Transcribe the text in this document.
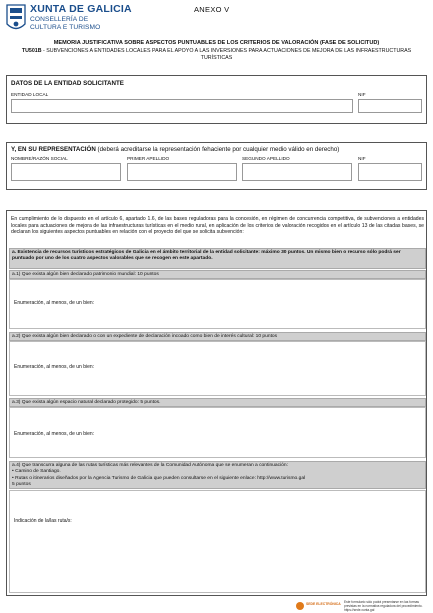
XUNTA DE GALICIA
CONSELLERÍA DE
CULTURA E TURISMO
ANEXO V
MEMORIA JUSTIFICATIVA SOBRE ASPECTOS PUNTUABLES DE LOS CRITERIOS DE VALORACIÓN (FASE DE SOLICITUD)
TU501B - SUBVENCIONES A ENTIDADES LOCALES PARA EL APOYO A LAS INVERSIONES PARA ACTUACIONES DE MEJORA DE LAS INFRAESTRUCTURAS TURÍSTICAS
DATOS DE LA ENTIDAD SOLICITANTE
ENTIDAD LOCAL	NIF
Y, EN SU REPRESENTACIÓN (deberá acreditarse la representación fehaciente por cualquier medio válido en derecho)
NOMBRE/RAZÓN SOCIAL	PRIMER APELLIDO	SEGUNDO APELLIDO	NIF
En cumplimiento de lo dispuesto en el artículo 6, apartado 1.6, de las bases reguladoras para la concesión, en régimen de concurrencia competitiva, de subvenciones a entidades locales para actuaciones de mejora de las infraestructuras turísticas en el medio rural, en aplicación de los criterios de valoración recogidos en el artículo 13 de las citadas bases, se declaran los siguientes aspectos puntuables en relación con el proyecto del que se solicita subvención:
a. Existencia de recursos turísticos estratégicos de Galicia en el ámbito territorial de la entidad solicitante: máximo 30 puntos. Un mismo bien o recurso sólo podrá ser puntuado por uno de los cuatro aspectos valorables que se recogen en este apartado.
a.1) Que exista algún bien declarado patrimonio mundial: 10 puntos
Enumeración, al menos, de un bien:
a.2) Que exista algún bien declarado o con un expediente de declaración incoado como bien de interés cultural: 10 puntos
Enumeración, al menos, de un bien:
a.3) Que exista algún espacio natural declarado protegido: 5 puntos.
Enumeración, al menos, de un bien:
a.4) Que transcurra alguna de las rutas turísticas más relevantes de la Comunidad Autónoma que se enumeran a continuación:
• Camino de Santiago.
• Rutas o itinerarios diseñados por la Agencia Turismo de Galicia que pueden consultarse en el siguiente enlace: http://www.turismo.gal
5 puntos
Indicación de la/las ruta/s:
SEDE ELECTRÓNICA Este formulario sólo podrá presentarse en las formas previstas en la normativa reguladora del procedimiento. https://sede.xunta.gal
